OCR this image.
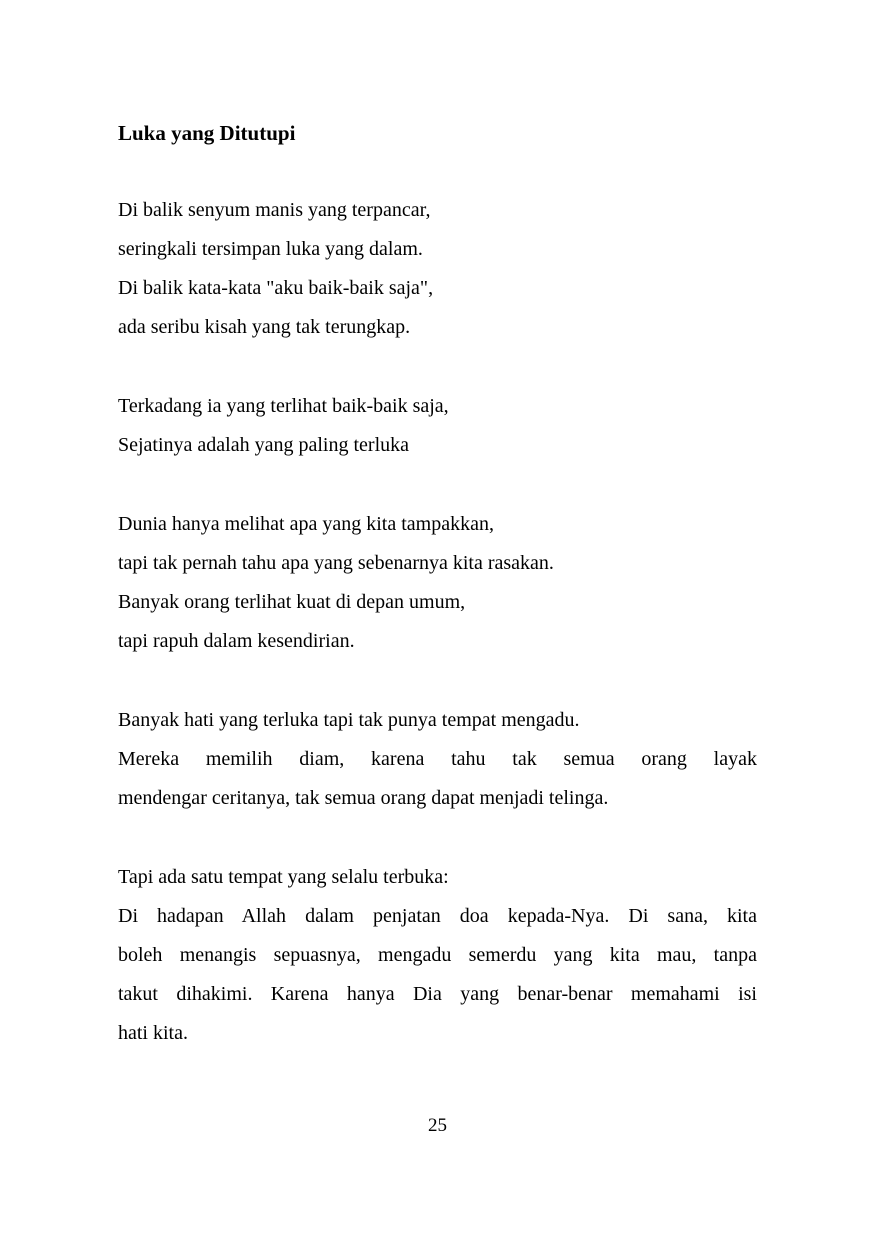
Luka yang Ditutupi

Di balik senyum manis yang terpancar,

seringkali tersimpan luka yang dalam.

Di balik kata-kata "aku baik-baik saja",

ada seribu kisah yang tak terungkap.

Terkadang ia yang terlihat baik-baik saja,

Sejatinya adalah yang paling terluka

Dunia hanya melihat apa yang kita tampakkan,

tapi tak pernah tahu apa yang sebenarnya kita rasakan.

Banyak orang terlihat kuat di depan umum,

tapi rapuh dalam kesendirian.

Banyak hati yang terluka tapi tak punya tempat mengadu.

Mereka memilih diam, karena tahu tak semua orang layak

mendengar ceritanya, tak semua orang dapat menjadi telinga.

Tapi ada satu tempat yang selalu terbuka:

Di hadapan Allah dalam penjatan doa kepada-Nya. Di sana, kita

boleh menangis sepuasnya, mengadu semerdu yang kita mau, tanpa

takut dihakimi. Karena hanya Dia yang benar-benar memahami isi

hati kita.

25
